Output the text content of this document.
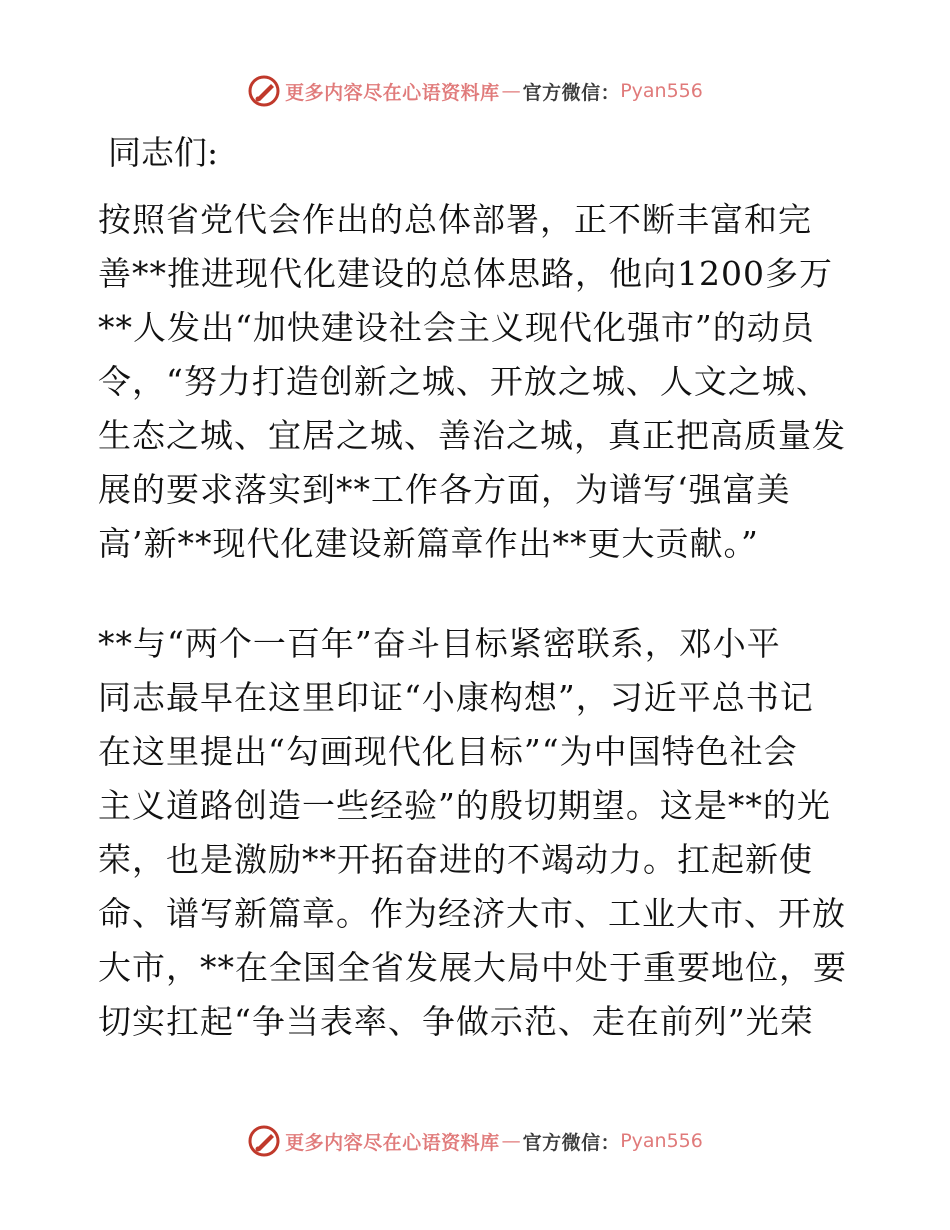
更多内容尽在心语资料库 — 官方微信： Pyan556

同志们:

按照省党代会作出的总体部署，正不断丰富和完
善**推进现代化建设的总体思路，他向1200多万
**人发出“加快建设社会主义现代化强市”的动员
令，“努力打造创新之城、开放之城、人文之城、
生态之城、宜居之城、善治之城，真正把高质量发
展的要求落实到**工作各方面，为谱写‘强富美
高’新**现代化建设新篇章作出**更大贡献。”
**与“两个一百年”奋斗目标紧密联系，邓小平
同志最早在这里印证“小康构想”，习近平总书记
在这里提出“勾画现代化目标”“为中国特色社会
主义道路创造一些经验”的殷切期望。这是**的光
荣，也是激励**开拓奋进的不竭动力。扛起新使
命、谱写新篇章。作为经济大市、工业大市、开放
大市，**在全国全省发展大局中处于重要地位，要
切实扛起“争当表率、争做示范、走在前列”光荣
更多内容尽在心语资料库 — 官方微信： Pyan556
